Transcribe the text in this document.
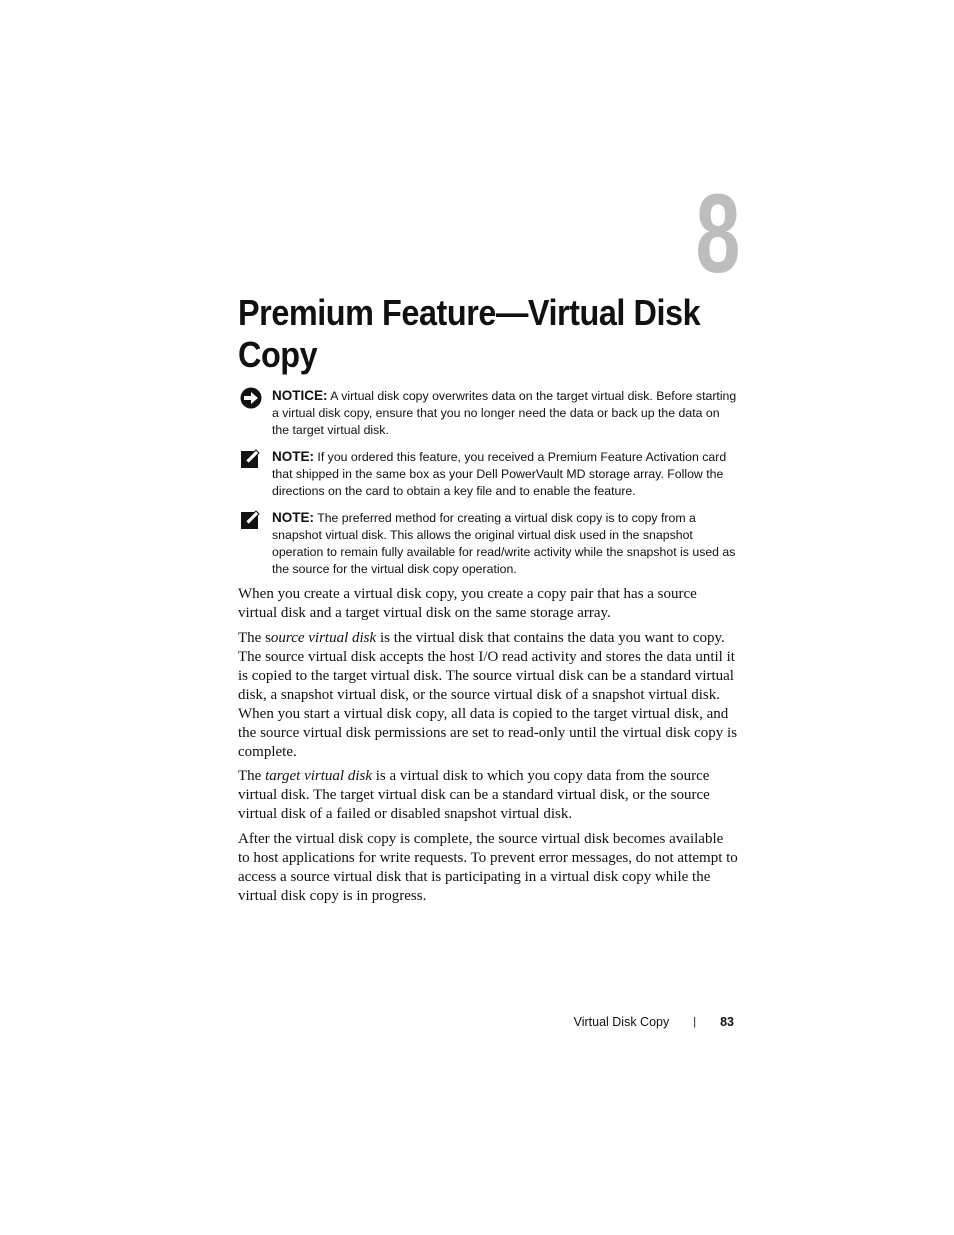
8
Premium Feature—Virtual Disk Copy
NOTICE: A virtual disk copy overwrites data on the target virtual disk. Before starting a virtual disk copy, ensure that you no longer need the data or back up the data on the target virtual disk.
NOTE: If you ordered this feature, you received a Premium Feature Activation card that shipped in the same box as your Dell PowerVault MD storage array. Follow the directions on the card to obtain a key file and to enable the feature.
NOTE: The preferred method for creating a virtual disk copy is to copy from a snapshot virtual disk. This allows the original virtual disk used in the snapshot operation to remain fully available for read/write activity while the snapshot is used as the source for the virtual disk copy operation.

When you create a virtual disk copy, you create a copy pair that has a source virtual disk and a target virtual disk on the same storage array.

The source virtual disk is the virtual disk that contains the data you want to copy. The source virtual disk accepts the host I/O read activity and stores the data until it is copied to the target virtual disk. The source virtual disk can be a standard virtual disk, a snapshot virtual disk, or the source virtual disk of a snapshot virtual disk. When you start a virtual disk copy, all data is copied to the target virtual disk, and the source virtual disk permissions are set to read-only until the virtual disk copy is complete.

The target virtual disk is a virtual disk to which you copy data from the source virtual disk. The target virtual disk can be a standard virtual disk, or the source virtual disk of a failed or disabled snapshot virtual disk.

After the virtual disk copy is complete, the source virtual disk becomes available to host applications for write requests. To prevent error messages, do not attempt to access a source virtual disk that is participating in a virtual disk copy while the virtual disk copy is in progress.

Virtual Disk Copy | 83
